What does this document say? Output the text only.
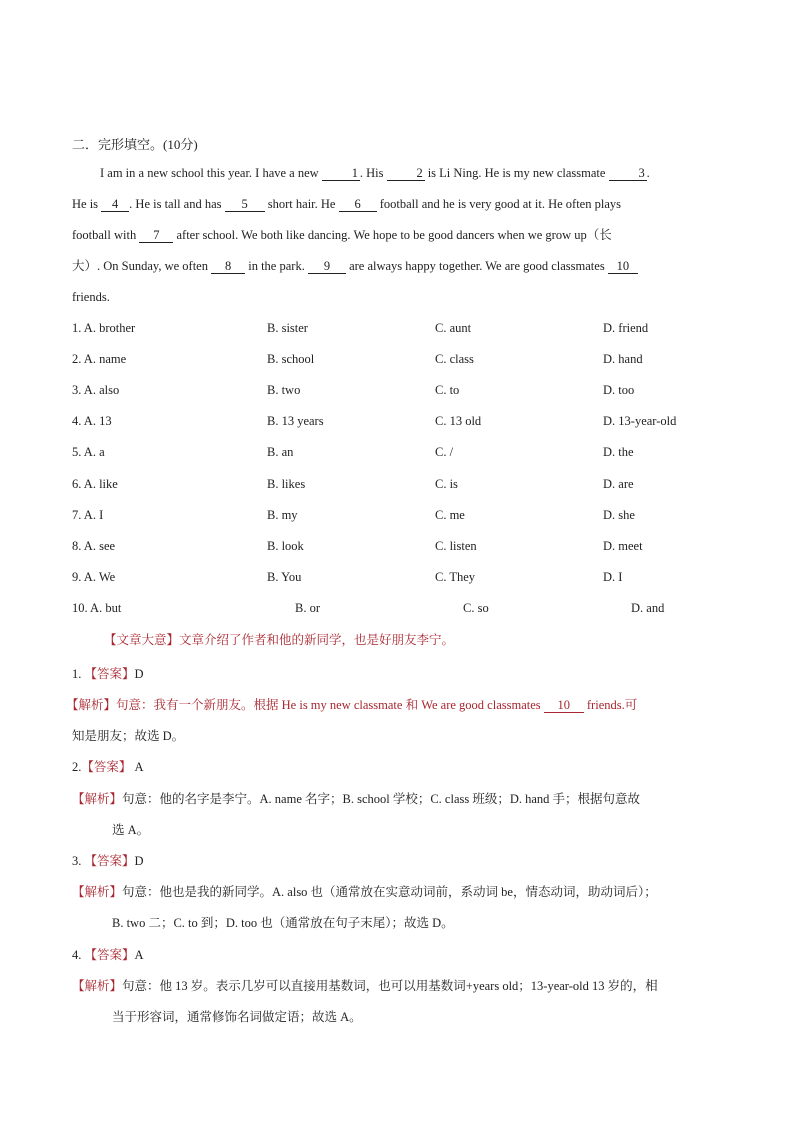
二．完形填空。(10分)
I am in a new school this year. I have a new	1 . His	2 is Li Ning. He is my new classmate	3 .
He is 4 . He is tall and has 5 short hair. He 6 football and he is very good at it. He often plays
football with 7 after school. We both like dancing. We hope to be good dancers when we grow up（长
大）. On Sunday, we often 8 in the park. 9 are always happy together. We are good classmates 10
friends.
1. A. brother	B. sister	C. aunt	D. friend
2. A. name	B. school	C. class	D. hand
3. A. also	B. two	C. to	D. too
4. A. 13	B. 13 years	C. 13 old	D. 13-year-old
5. A. a	B. an	C. /	D. the
6. A. like	B. likes	C. is	D. are
7. A. I	B. my	C. me	D. she
8. A. see	B. look	C. listen	D. meet
9. A. We	B. You	C. They	D. I
10. A. but	B. or	C. so	D. and
【文章大意】文章介绍了作者和他的新同学，也是好朋友李宁。
1. 【答案】D
【解析】句意：我有一个新朋友。根据 He is my new classmate 和 We are good classmates 10 friends.可
知是朋友；故选 D。
2.【答案】 A
【解析】句意：他的名字是李宁。A. name 名字；B. school 学校；C. class 班级；D. hand 手；根据句意故
选 A。
3. 【答案】D
【解析】句意：他也是我的新同学。A. also 也（通常放在实意动词前，系动词 be，情态动词，助动词后）；
B. two 二；C. to 到；D. too 也（通常放在句子末尾）；故选 D。
4. 【答案】A
【解析】句意：他 13 岁。表示几岁可以直接用基数词，也可以用基数词+years old；13-year-old 13 岁的，相
当于形容词，通常修饰名词做定语；故选 A。
